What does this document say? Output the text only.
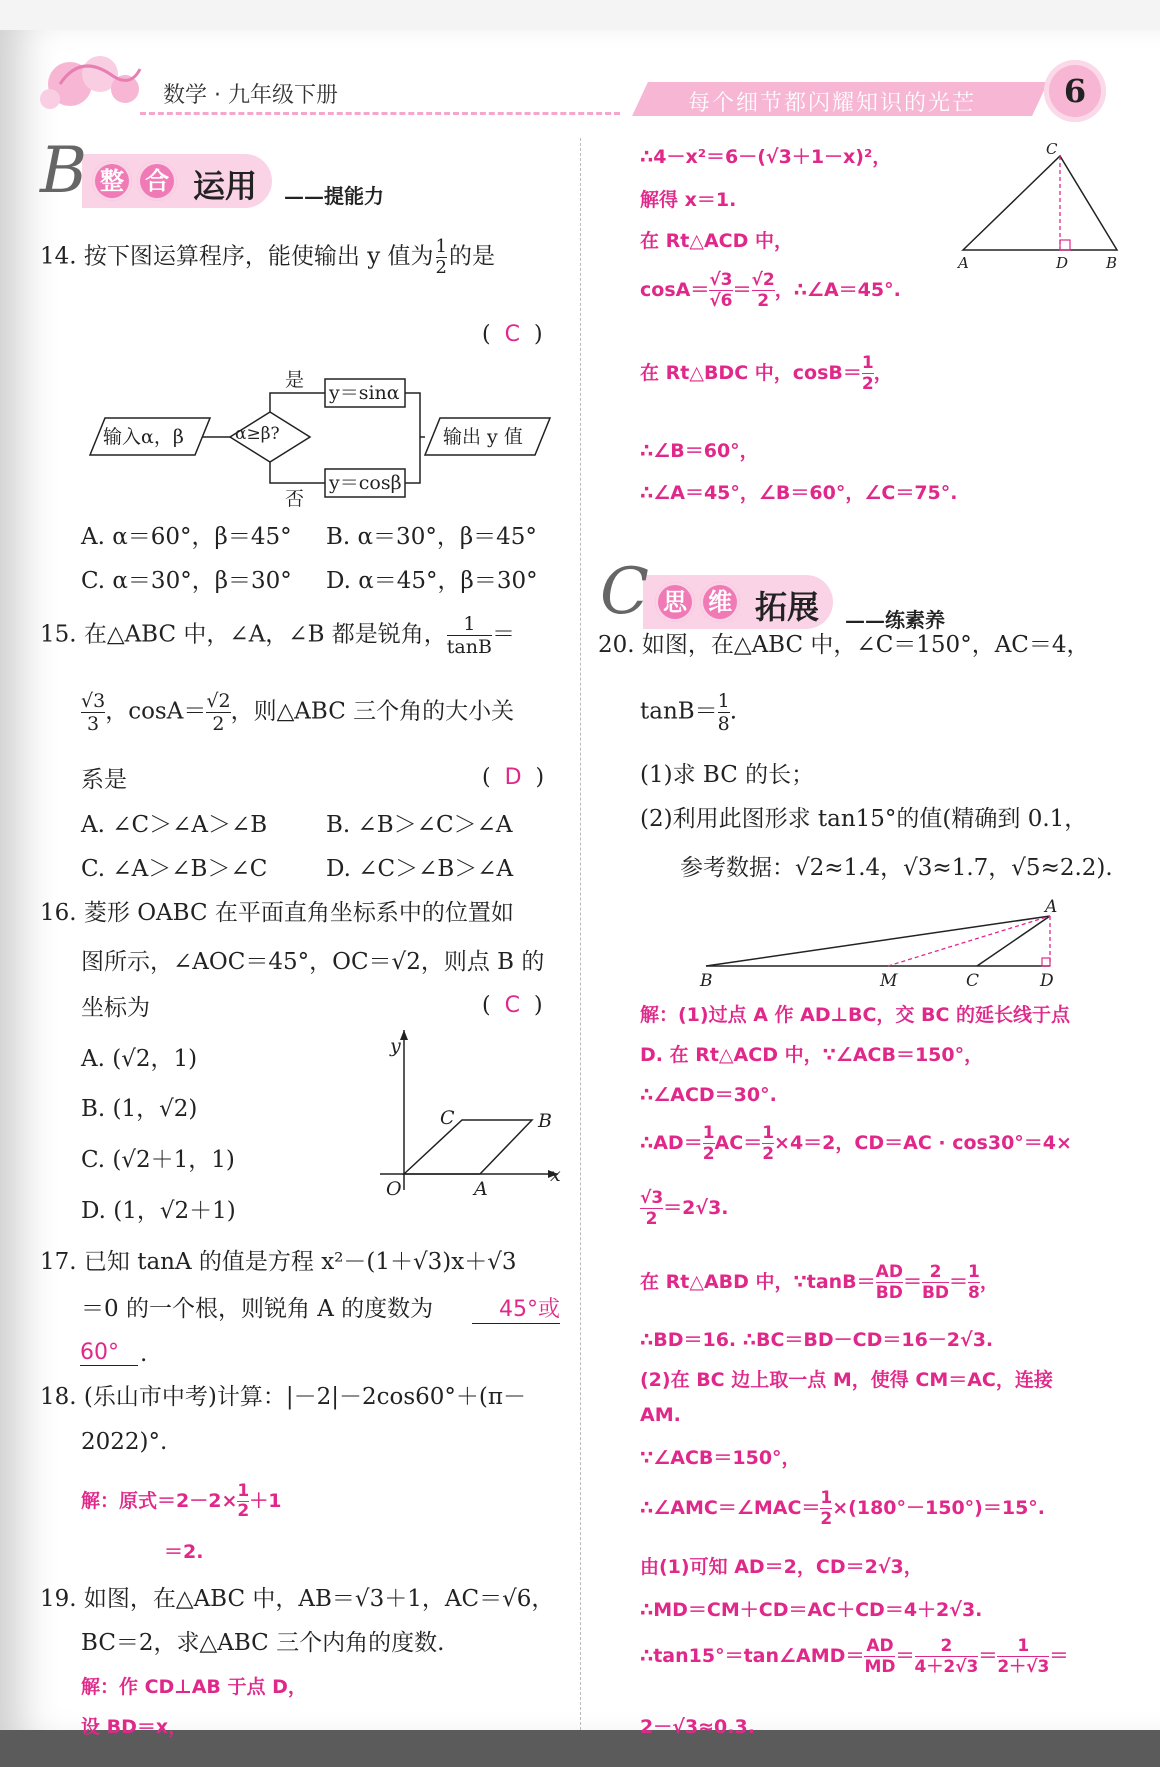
数学 · 九年级下册	每个细节都闪耀知识的光芒	6
B 整 合 运用 ——提能力
14. 按下图运算程序，能使输出 y 值为 $\frac{1}{2}$ 的是
(  C  )
输入α，β	α≥β?
是
否
y＝sinα
y＝cosβ
输出 y 值
A. α＝60°，β＝45° B. α＝30°，β＝45°
C. α＝30°，β＝30° D. α＝45°，β＝30°
15. 在△ABC 中，∠A，∠B 都是锐角， $\frac{1}{\tan B}$ ＝
$\frac{√3}{3}$ ，$\cos A= \frac{√2}{2}$ ，则△ABC 三个角的大小关
系是	(  D  )
A. ∠C＞∠A＞∠B	B. ∠B＞∠C＞∠A
C. ∠A＞∠B＞∠C	D. ∠C＞∠B＞∠A
16. 菱形 OABC 在平面直角坐标系中的位置如
图所示，∠AOC＝45°，OC＝√2，则点 B 的
坐标为	(  C  )
A. (√2，1)
B. (1，√2)
C. (√2＋1，1)
D. (1，√2＋1)
y
x
O	A
B
C
17. 已知 tanA 的值是方程 x²－(1＋√3)x＋√3
＝0 的一个根，则锐角 A 的度数为	45°或
60° .
18. (乐山市中考)计算：|－2|－2cos60°＋(π－
2022)°.
解：原式$=2-2\times \frac{1}{2} +1$
＝2.
19. 如图，在△ABC 中，AB＝√3＋1，AC＝√6，
BC＝2，求△ABC 三个内角的度数.
解：作 CD⊥AB 于点 D，
设 BD＝x，
∴4－x²＝6－(√3＋1－x)²，
解得 x＝1.
在 Rt△ACD 中，
$\cos A= \frac{√3}{√6} = \frac{√2}{2}$ ，∴∠A＝45°.
在 Rt△BDC 中，$\cos B= \frac{1}{2}$ ，
∴∠B＝60°，
∴∠A＝45°，∠B＝60°，∠C＝75°.
C
A	D	B
C 思 维 拓展 ——练素养
20. 如图，在△ABC 中，∠C＝150°，AC＝4，
$\tan B= \frac{1}{8}$ .
(1)求 BC 的长；
(2)利用此图形求 tan15°的值(精确到 0.1，
参考数据：√2≈1.4，√3≈1.7，√5≈2.2).
A
B	M	C	D
解：(1)过点 A 作 AD⊥BC，交 BC 的延长线于点
D. 在 Rt△ACD 中，∵∠ACB＝150°，
∴∠ACD＝30°.
∴AD＝ $\frac{1}{2} AC= \frac{1}{2} \times 4=2$，CD＝AC · cos30°＝4×
$\frac{√3}{2} =2√3$.
在 Rt△ABD 中，∵tanB＝ $\frac{AD}{BD} = \frac{2}{BD} = \frac{1}{8}$ ，
∴BD＝16. ∴BC＝BD－CD＝16－2√3.
(2)在 BC 边上取一点 M，使得 CM＝AC，连接
AM.
∵∠ACB＝150°，
∴∠AMC＝∠MAC＝ $\frac{1}{2} \times(180^\circ-150^\circ)=15^\circ$.
由(1)可知 AD＝2，CD＝2√3，
∴MD＝CM＋CD＝AC＋CD＝4＋2√3.
∴tan15°＝tan∠AMD＝ $\frac{AD}{MD} = \frac{2}{4+2√3} = \frac{1}{2+√3}$ ＝
2－√3≈0.3.
